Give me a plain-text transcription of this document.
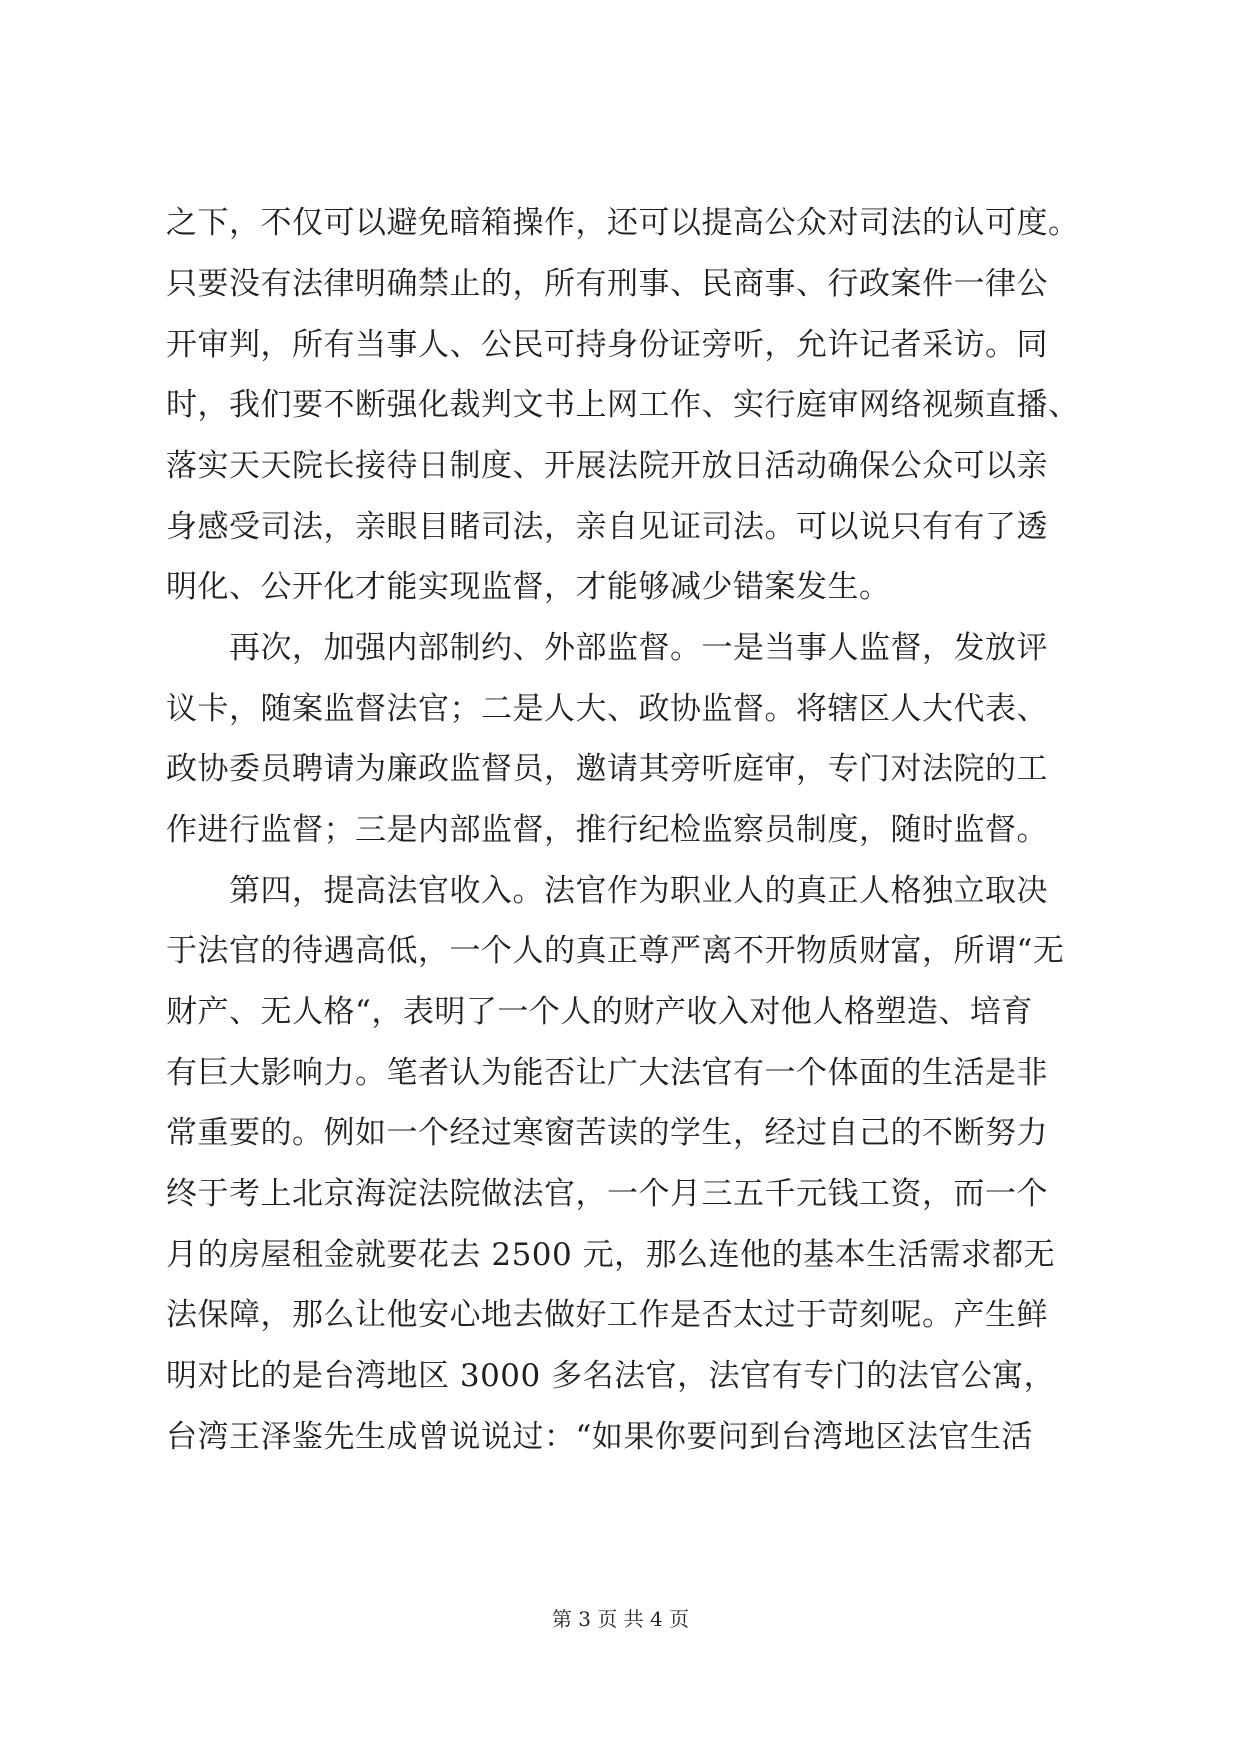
之下，不仅可以避免暗箱操作，还可以提高公众对司法的认可度。
只要没有法律明确禁止的，所有刑事、民商事、行政案件一律公
开审判，所有当事人、公民可持身份证旁听，允许记者采访。同
时，我们要不断强化裁判文书上网工作、实行庭审网络视频直播、
落实天天院长接待日制度、开展法院开放日活动确保公众可以亲
身感受司法，亲眼目睹司法，亲自见证司法。可以说只有有了透
明化、公开化才能实现监督，才能够减少错案发生。
　　再次，加强内部制约、外部监督。一是当事人监督，发放评
议卡，随案监督法官；二是人大、政协监督。将辖区人大代表、
政协委员聘请为廉政监督员，邀请其旁听庭审，专门对法院的工
作进行监督；三是内部监督，推行纪检监察员制度，随时监督。
　　第四，提高法官收入。法官作为职业人的真正人格独立取决
于法官的待遇高低，一个人的真正尊严离不开物质财富，所谓“无
财产、无人格“，表明了一个人的财产收入对他人格塑造、培育
有巨大影响力。笔者认为能否让广大法官有一个体面的生活是非
常重要的。例如一个经过寒窗苦读的学生，经过自己的不断努力
终于考上北京海淀法院做法官，一个月三五千元钱工资，而一个
月的房屋租金就要花去 2500 元，那么连他的基本生活需求都无
法保障，那么让他安心地去做好工作是否太过于苛刻呢。产生鲜
明对比的是台湾地区 3000 多名法官，法官有专门的法官公寓，
台湾王泽鉴先生成曾说说过：“如果你要问到台湾地区法官生活
第 3 页 共 4 页
